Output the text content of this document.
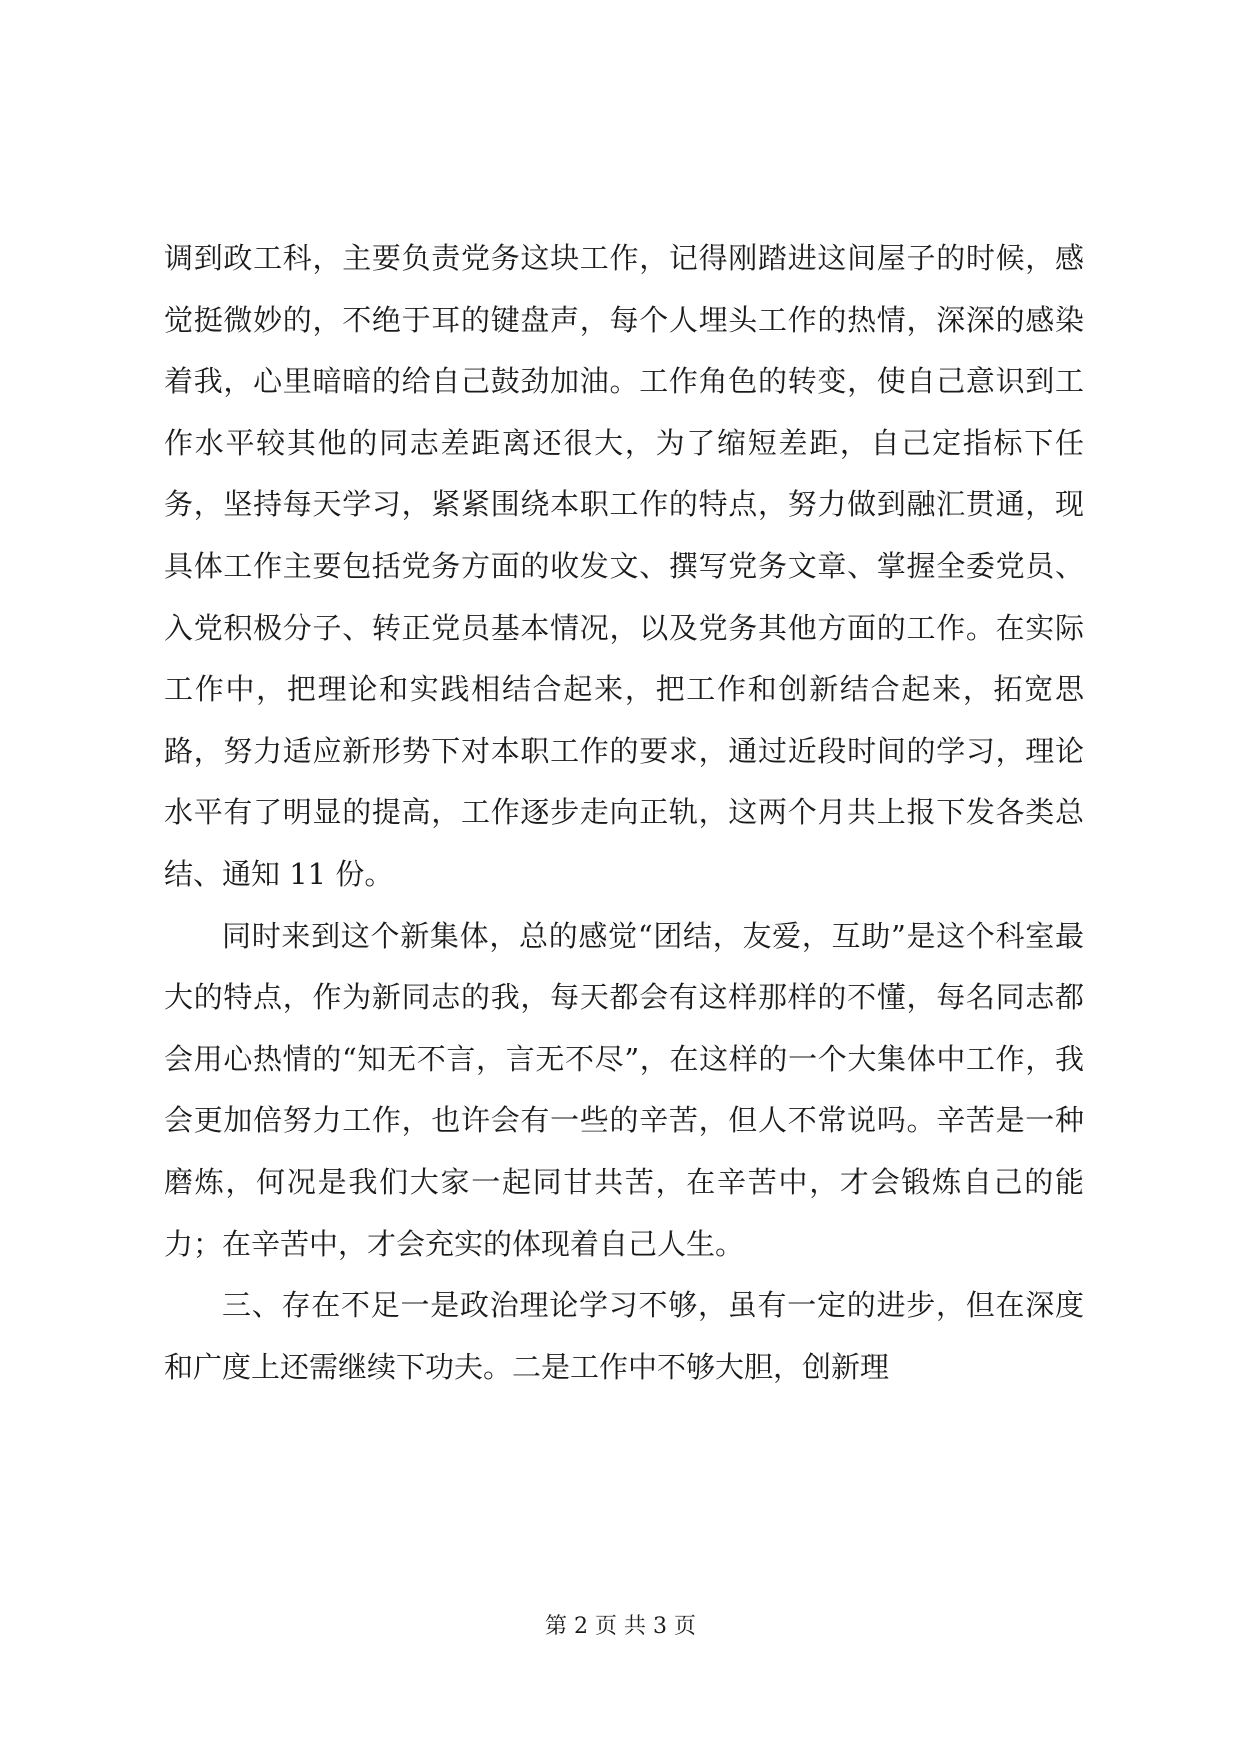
调到政工科，主要负责党务这块工作，记得刚踏进这间屋子的时候，感觉挺微妙的，不绝于耳的键盘声，每个人埋头工作的热情，深深的感染着我，心里暗暗的给自己鼓劲加油。工作角色的转变，使自己意识到工作水平较其他的同志差距离还很大，为了缩短差距，自己定指标下任务，坚持每天学习，紧紧围绕本职工作的特点，努力做到融汇贯通，现具体工作主要包括党务方面的收发文、撰写党务文章、掌握全委党员、入党积极分子、转正党员基本情况，以及党务其他方面的工作。在实际工作中，把理论和实践相结合起来，把工作和创新结合起来，拓宽思路，努力适应新形势下对本职工作的要求，通过近段时间的学习，理论水平有了明显的提高，工作逐步走向正轨，这两个月共上报下发各类总结、通知 11 份。

同时来到这个新集体，总的感觉“团结，友爱，互助”是这个科室最大的特点，作为新同志的我，每天都会有这样那样的不懂，每名同志都会用心热情的“知无不言，言无不尽”，在这样的一个大集体中工作，我会更加倍努力工作，也许会有一些的辛苦，但人不常说吗。辛苦是一种磨炼，何况是我们大家一起同甘共苦，在辛苦中，才会锻炼自己的能力；在辛苦中，才会充实的体现着自己人生。

三、存在不足一是政治理论学习不够，虽有一定的进步，但在深度和广度上还需继续下功夫。二是工作中不够大胆，创新理

第 2 页 共 3 页
